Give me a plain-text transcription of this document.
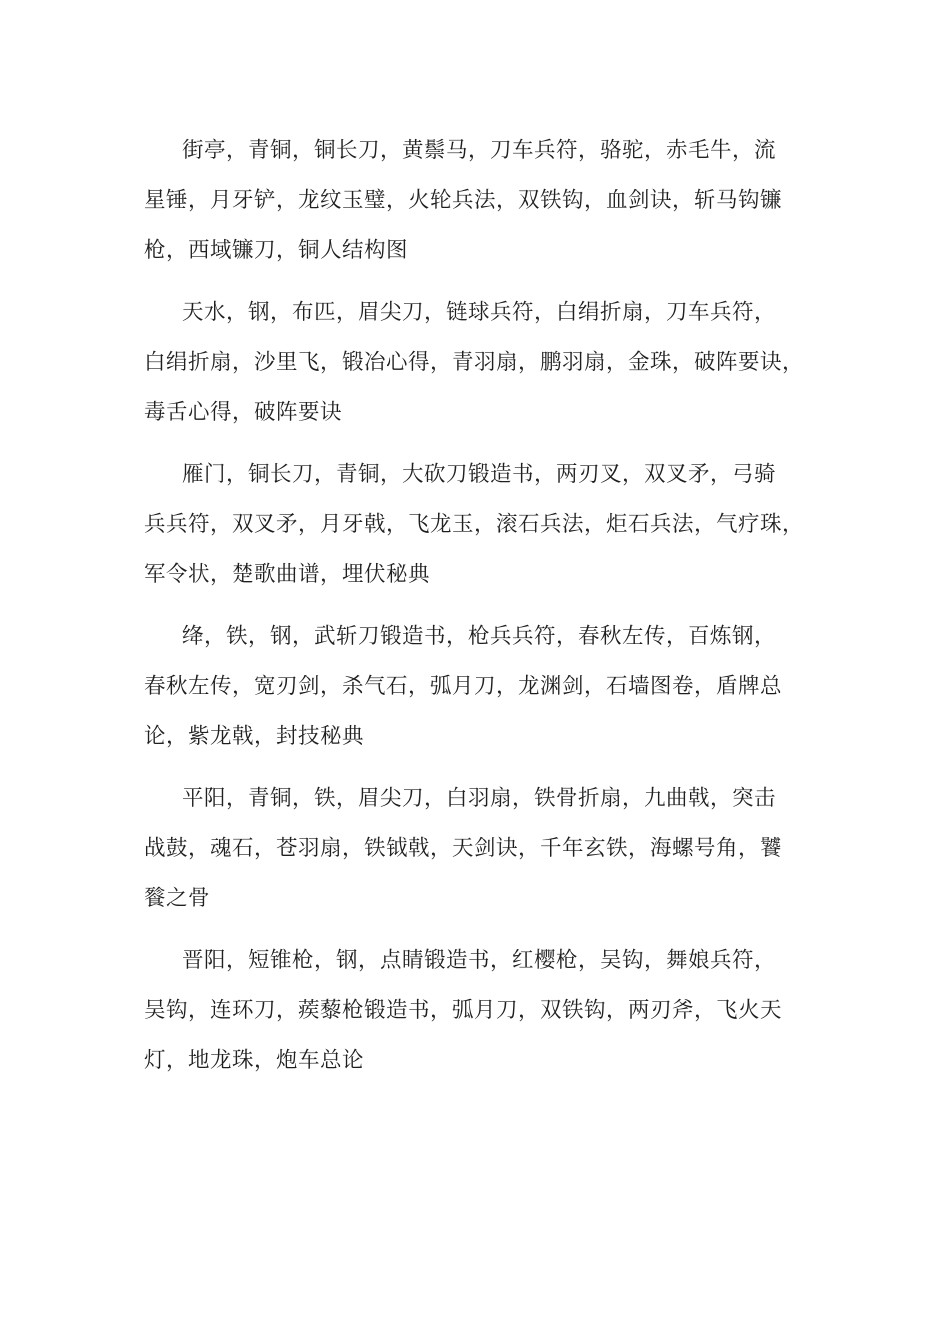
街亭，青铜，铜长刀，黄鬃马，刀车兵符，骆驼，赤毛牛，流
星锤，月牙铲，龙纹玉璧，火轮兵法，双铁钩，血剑诀，斩马钩镰
枪，西域镰刀，铜人结构图
天水，钢，布匹，眉尖刀，链球兵符，白绢折扇，刀车兵符，
白绢折扇，沙里飞，锻冶心得，青羽扇，鹏羽扇，金珠，破阵要诀，
毒舌心得，破阵要诀
雁门，铜长刀，青铜，大砍刀锻造书，两刃叉，双叉矛，弓骑
兵兵符，双叉矛，月牙戟，飞龙玉，滚石兵法，炬石兵法，气疗珠，
军令状，楚歌曲谱，埋伏秘典
绛，铁，钢，武斩刀锻造书，枪兵兵符，春秋左传，百炼钢，
春秋左传，宽刃剑，杀气石，弧月刀，龙渊剑，石墙图卷，盾牌总
论，紫龙戟，封技秘典
平阳，青铜，铁，眉尖刀，白羽扇，铁骨折扇，九曲戟，突击
战鼓，魂石，苍羽扇，铁钺戟，天剑诀，千年玄铁，海螺号角，饕
餮之骨
晋阳，短锥枪，钢，点睛锻造书，红樱枪，吴钩，舞娘兵符，
吴钩，连环刀，蒺藜枪锻造书，弧月刀，双铁钩，两刃斧，飞火天
灯，地龙珠，炮车总论
